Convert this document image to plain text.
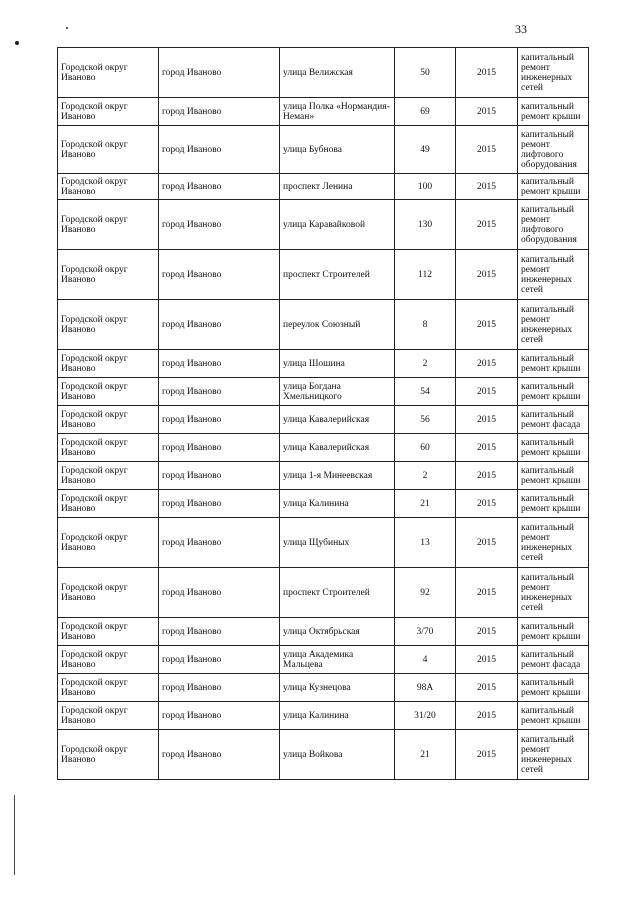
33
Городской округ Иваново	город Иваново	улица Велижская	50	2015	капитальный ремонт инженерных сетей
Городской округ Иваново	город Иваново	улица Полка «Нормандия-Неман»	69	2015	капитальный ремонт крыши
Городской округ Иваново	город Иваново	улица Бубнова	49	2015	капитальный ремонт лифтового оборудования
Городской округ Иваново	город Иваново	проспект Ленина	100	2015	капитальный ремонт крыши
Городской округ Иваново	город Иваново	улица Каравайковой	130	2015	капитальный ремонт лифтового оборудования
Городской округ Иваново	город Иваново	проспект Строителей	112	2015	капитальный ремонт инженерных сетей
Городской округ Иваново	город Иваново	переулок Союзный	8	2015	капитальный ремонт инженерных сетей
Городской округ Иваново	город Иваново	улица Шошина	2	2015	капитальный ремонт крыши
Городской округ Иваново	город Иваново	улица Богдана Хмельницкого	54	2015	капитальный ремонт крыши
Городской округ Иваново	город Иваново	улица Кавалерийская	56	2015	капитальный ремонт фасада
Городской округ Иваново	город Иваново	улица Кавалерийская	60	2015	капитальный ремонт крыши
Городской округ Иваново	город Иваново	улица 1-я Минеевская	2	2015	капитальный ремонт крыши
Городской округ Иваново	город Иваново	улица Калинина	21	2015	капитальный ремонт крыши
Городской округ Иваново	город Иваново	улица Щубиных	13	2015	капитальный ремонт инженерных сетей
Городской округ Иваново	город Иваново	проспект Строителей	92	2015	капитальный ремонт инженерных сетей
Городской округ Иваново	город Иваново	улица Октябрьская	3/70	2015	капитальный ремонт крыши
Городской округ Иваново	город Иваново	улица Академика Мальцева	4	2015	капитальный ремонт фасада
Городской округ Иваново	город Иваново	улица Кузнецова	98А	2015	капитальный ремонт крыши
Городской округ Иваново	город Иваново	улица Калинина	31/20	2015	капитальный ремонт крыши
Городской округ Иваново	город Иваново	улица Войкова	21	2015	капитальный ремонт инженерных сетей
